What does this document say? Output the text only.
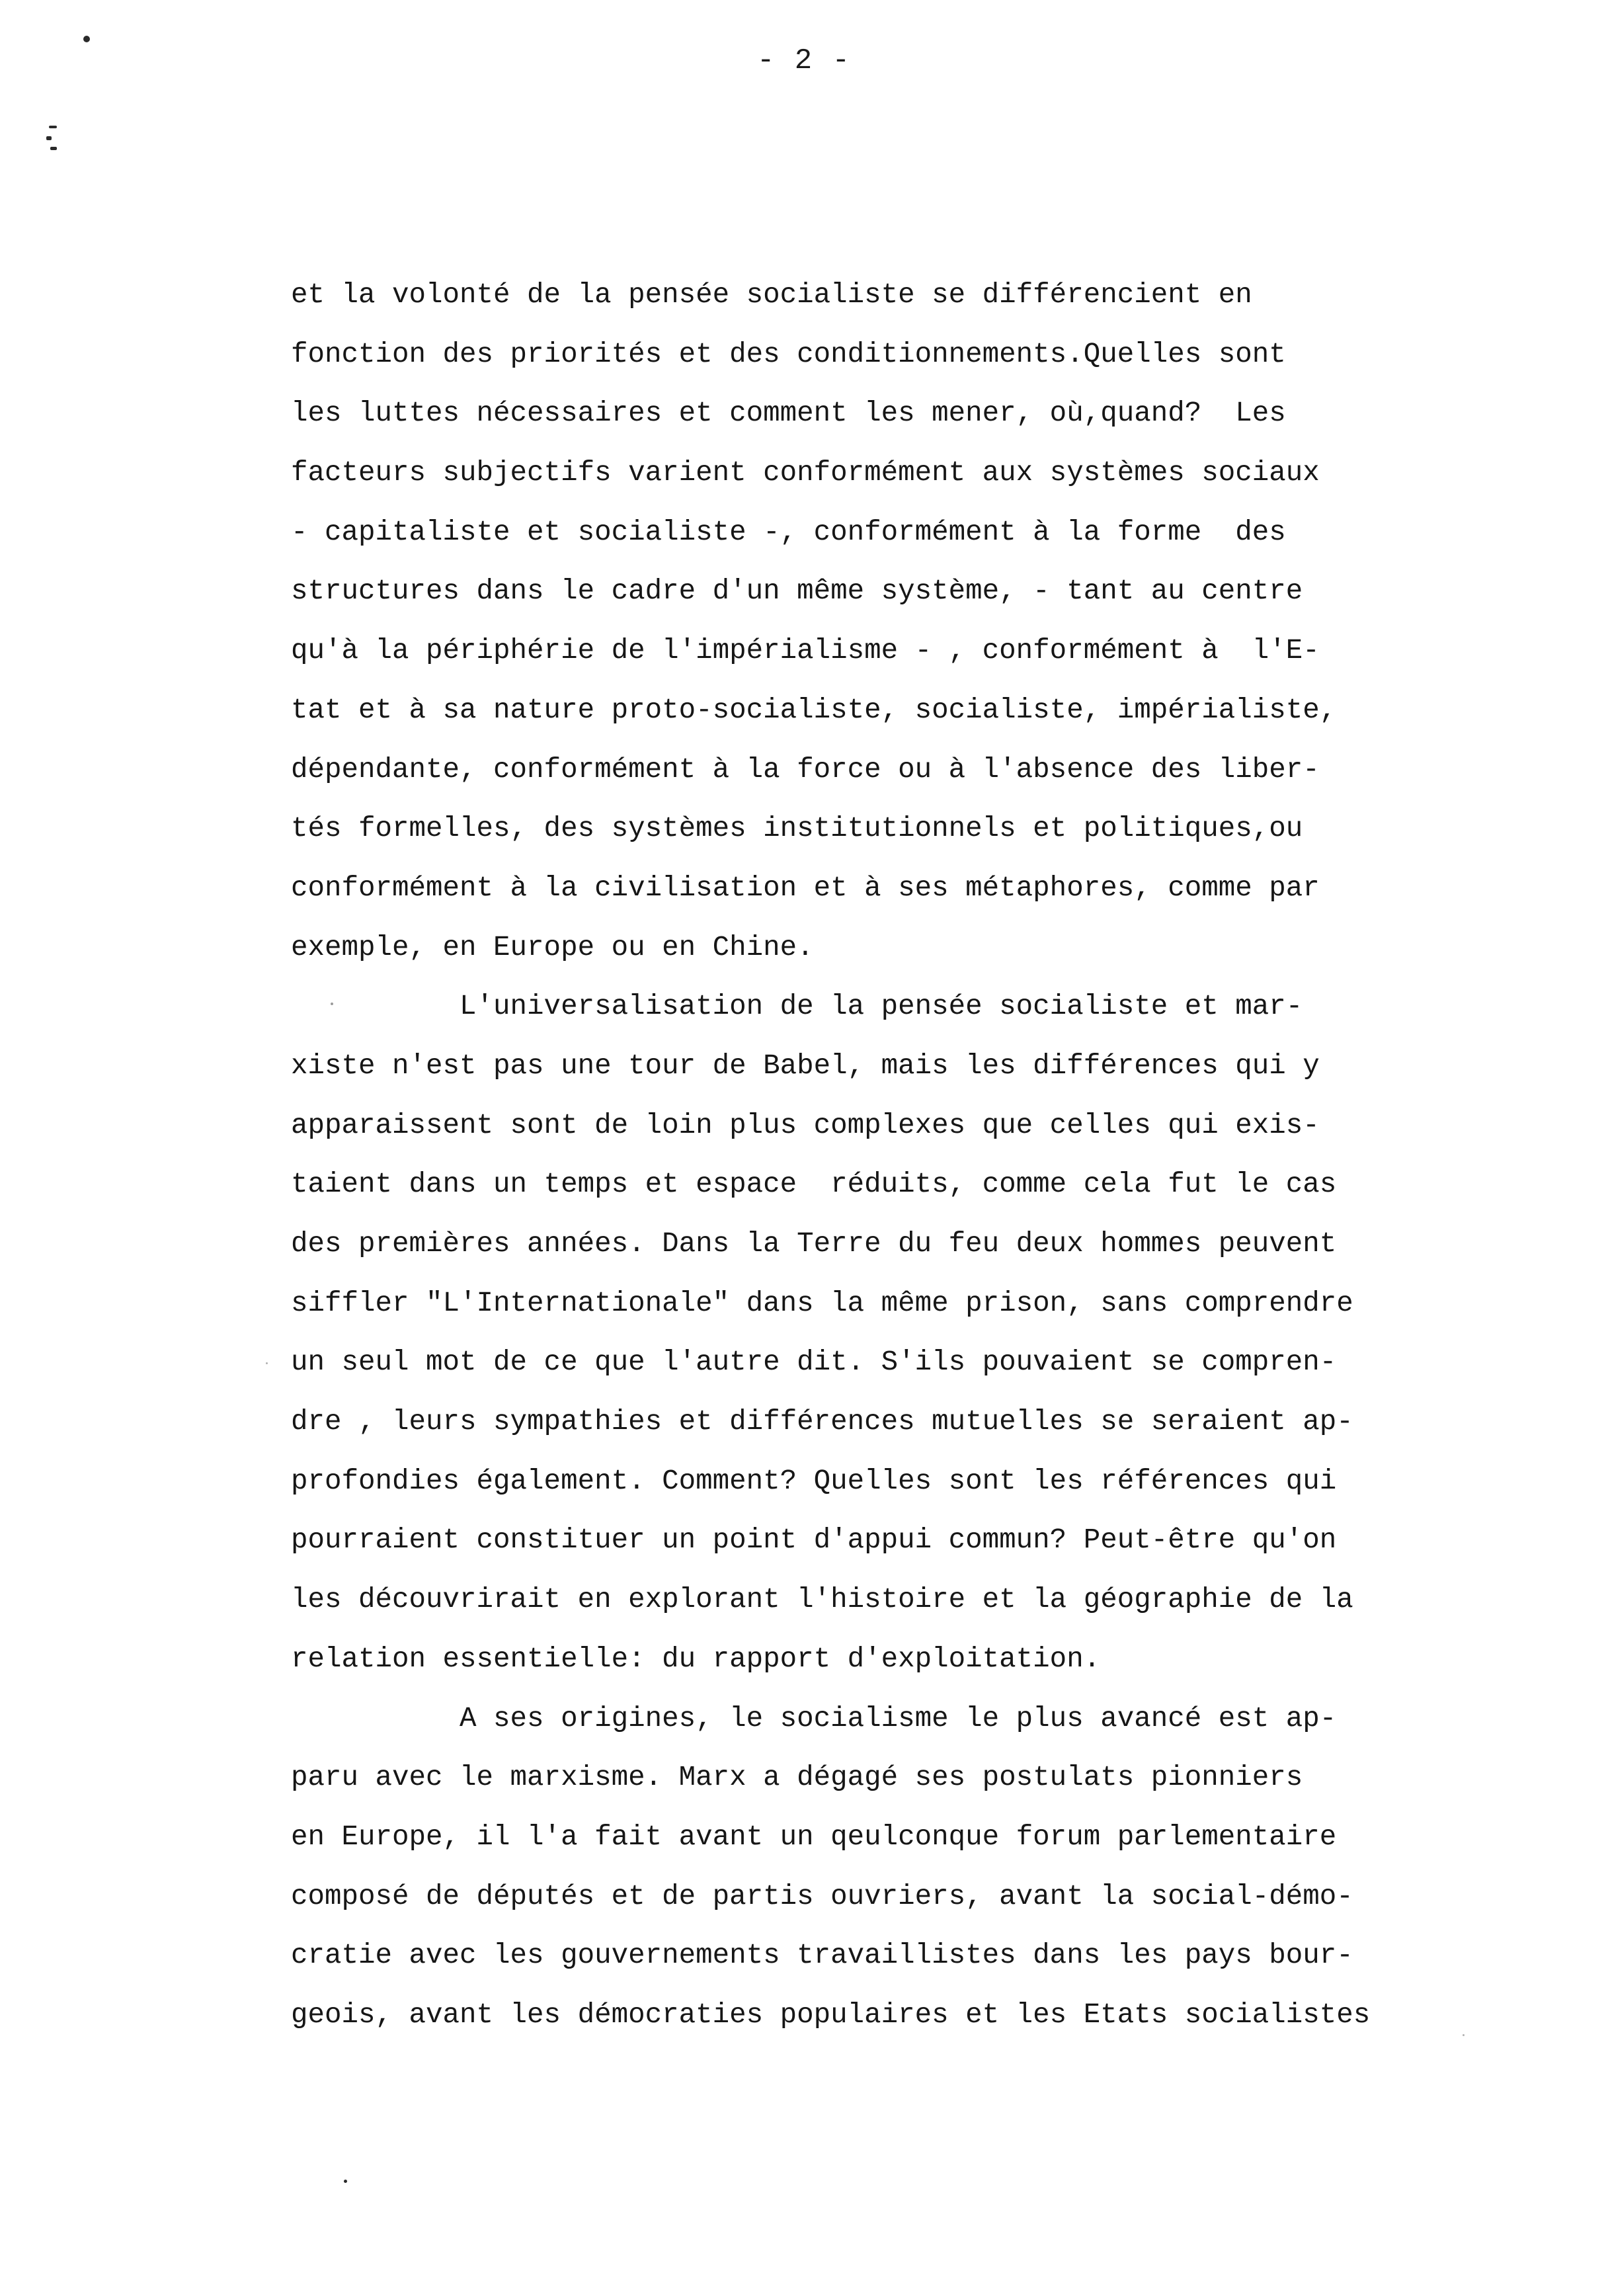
- 2 -
et la volonté de la pensée socialiste se différencient en
fonction des priorités et des conditionnements.Quelles sont
les luttes nécessaires et comment les mener, où,quand?  Les
facteurs subjectifs varient conformément aux systèmes sociaux
- capitaliste et socialiste -, conformément à la forme  des
structures dans le cadre d'un même système, - tant au centre
qu'à la périphérie de l'impérialisme - , conformément à  l'E-
tat et à sa nature proto-socialiste, socialiste, impérialiste,
dépendante, conformément à la force ou à l'absence des liber-
tés formelles, des systèmes institutionnels et politiques,ou
conformément à la civilisation et à ses métaphores, comme par
exemple, en Europe ou en Chine.
L'universalisation de la pensée socialiste et mar-
xiste n'est pas une tour de Babel, mais les différences qui y
apparaissent sont de loin plus complexes que celles qui exis-
taient dans un temps et espace  réduits, comme cela fut le cas
des premières années. Dans la Terre du feu deux hommes peuvent
siffler "L'Internationale" dans la même prison, sans comprendre
un seul mot de ce que l'autre dit. S'ils pouvaient se compren-
dre , leurs sympathies et différences mutuelles se seraient ap-
profondies également. Comment? Quelles sont les références qui
pourraient constituer un point d'appui commun? Peut-être qu'on
les découvrirait en explorant l'histoire et la géographie de la
relation essentielle: du rapport d'exploitation.
A ses origines, le socialisme le plus avancé est ap-
paru avec le marxisme. Marx a dégagé ses postulats pionniers
en Europe, il l'a fait avant un qeulconque forum parlementaire
composé de députés et de partis ouvriers, avant la social-démo-
cratie avec les gouvernements travaillistes dans les pays bour-
geois, avant les démocraties populaires et les Etats socialistes
